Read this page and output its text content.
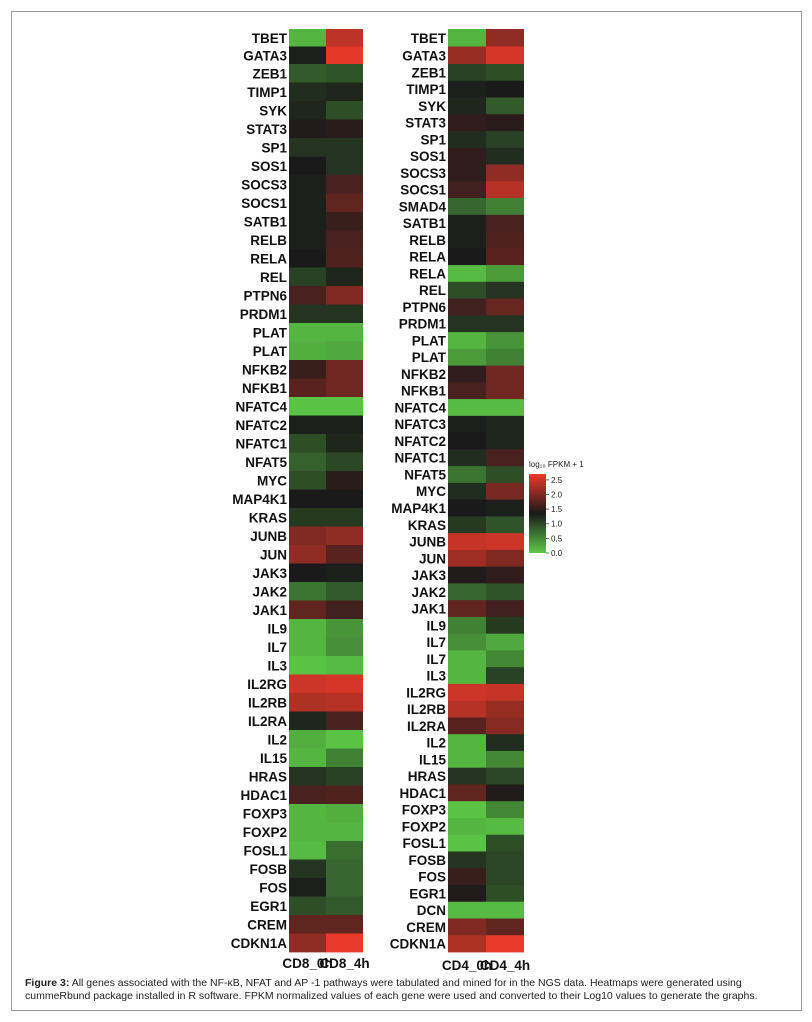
TBET
GATA3
ZEB1
TIMP1
SYK
STAT3
SP1
SOS1
SOCS3
SOCS1
SATB1
RELB
RELA
REL
PTPN6
PRDM1
PLAT
PLAT
NFKB2
NFKB1
NFATC4
NFATC2
NFATC1
NFAT5
MYC
MAP4K1
KRAS
JUNB
JUN
JAK3
JAK2
JAK1
IL9
IL7
IL3
IL2RG
IL2RB
IL2RA
IL2
IL15
HRAS
HDAC1
FOXP3
FOXP2
FOSL1
FOSB
FOS
EGR1
CREM
CDKN1A
CD8_0h
CD8_4h
TBET
GATA3
ZEB1
TIMP1
SYK
STAT3
SP1
SOS1
SOCS3
SOCS1
SMAD4
SATB1
RELB
RELA
RELA
REL
PTPN6
PRDM1
PLAT
PLAT
NFKB2
NFKB1
NFATC4
NFATC3
NFATC2
NFATC1
NFAT5
MYC
MAP4K1
KRAS
JUNB
JUN
JAK3
JAK2
JAK1
IL9
IL7
IL7
IL3
IL2RG
IL2RB
IL2RA
IL2
IL15
HRAS
HDAC1
FOXP3
FOXP2
FOSL1
FOSB
FOS
EGR1
DCN
CREM
CDKN1A
CD4_0h
CD4_4h
log₁₀ FPKM + 1
2.5
2.0
1.5
1.0
0.5
0.0
Figure 3: All genes associated with the NF-κB, NFAT and AP -1 pathways were tabulated and mined for in the NGS data. Heatmaps were generated using cummeRbund package installed in R software. FPKM normalized values of each gene were used and converted to their Log10 values to generate the graphs.
